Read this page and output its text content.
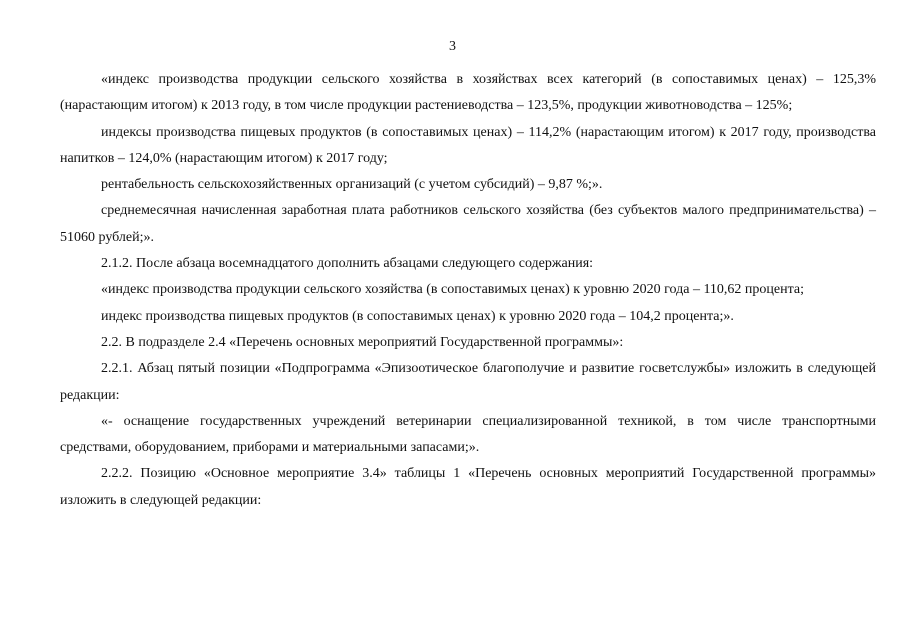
3

«индекс производства продукции сельского хозяйства в хозяйствах всех категорий (в сопоставимых ценах) – 125,3% (нарастающим итогом) к 2013 году, в том числе продукции растениеводства – 123,5%, продукции животноводства – 125%;

индексы производства пищевых продуктов (в сопоставимых ценах) – 114,2% (нарастающим итогом) к 2017 году, производства напитков – 124,0% (нарастающим итогом) к 2017 году;

рентабельность сельскохозяйственных организаций (с учетом субсидий) – 9,87 %;».

среднемесячная начисленная заработная плата работников сельского хозяйства (без субъектов малого предпринимательства) – 51060 рублей;».

2.1.2. После абзаца восемнадцатого дополнить абзацами следующего содержания:

«индекс производства продукции сельского хозяйства (в сопоставимых ценах) к уровню 2020 года – 110,62 процента;

индекс производства пищевых продуктов (в сопоставимых ценах) к уровню 2020 года – 104,2 процента;».

2.2. В подразделе 2.4 «Перечень основных мероприятий Государственной программы»:

2.2.1. Абзац пятый позиции «Подпрограмма «Эпизоотическое благополучие и развитие госветслужбы» изложить в следующей редакции:

«- оснащение государственных учреждений ветеринарии специализированной техникой, в том числе транспортными средствами, оборудованием, приборами и материальными запасами;».

2.2.2. Позицию «Основное мероприятие 3.4» таблицы 1 «Перечень основных мероприятий Государственной программы» изложить в следующей редакции:
